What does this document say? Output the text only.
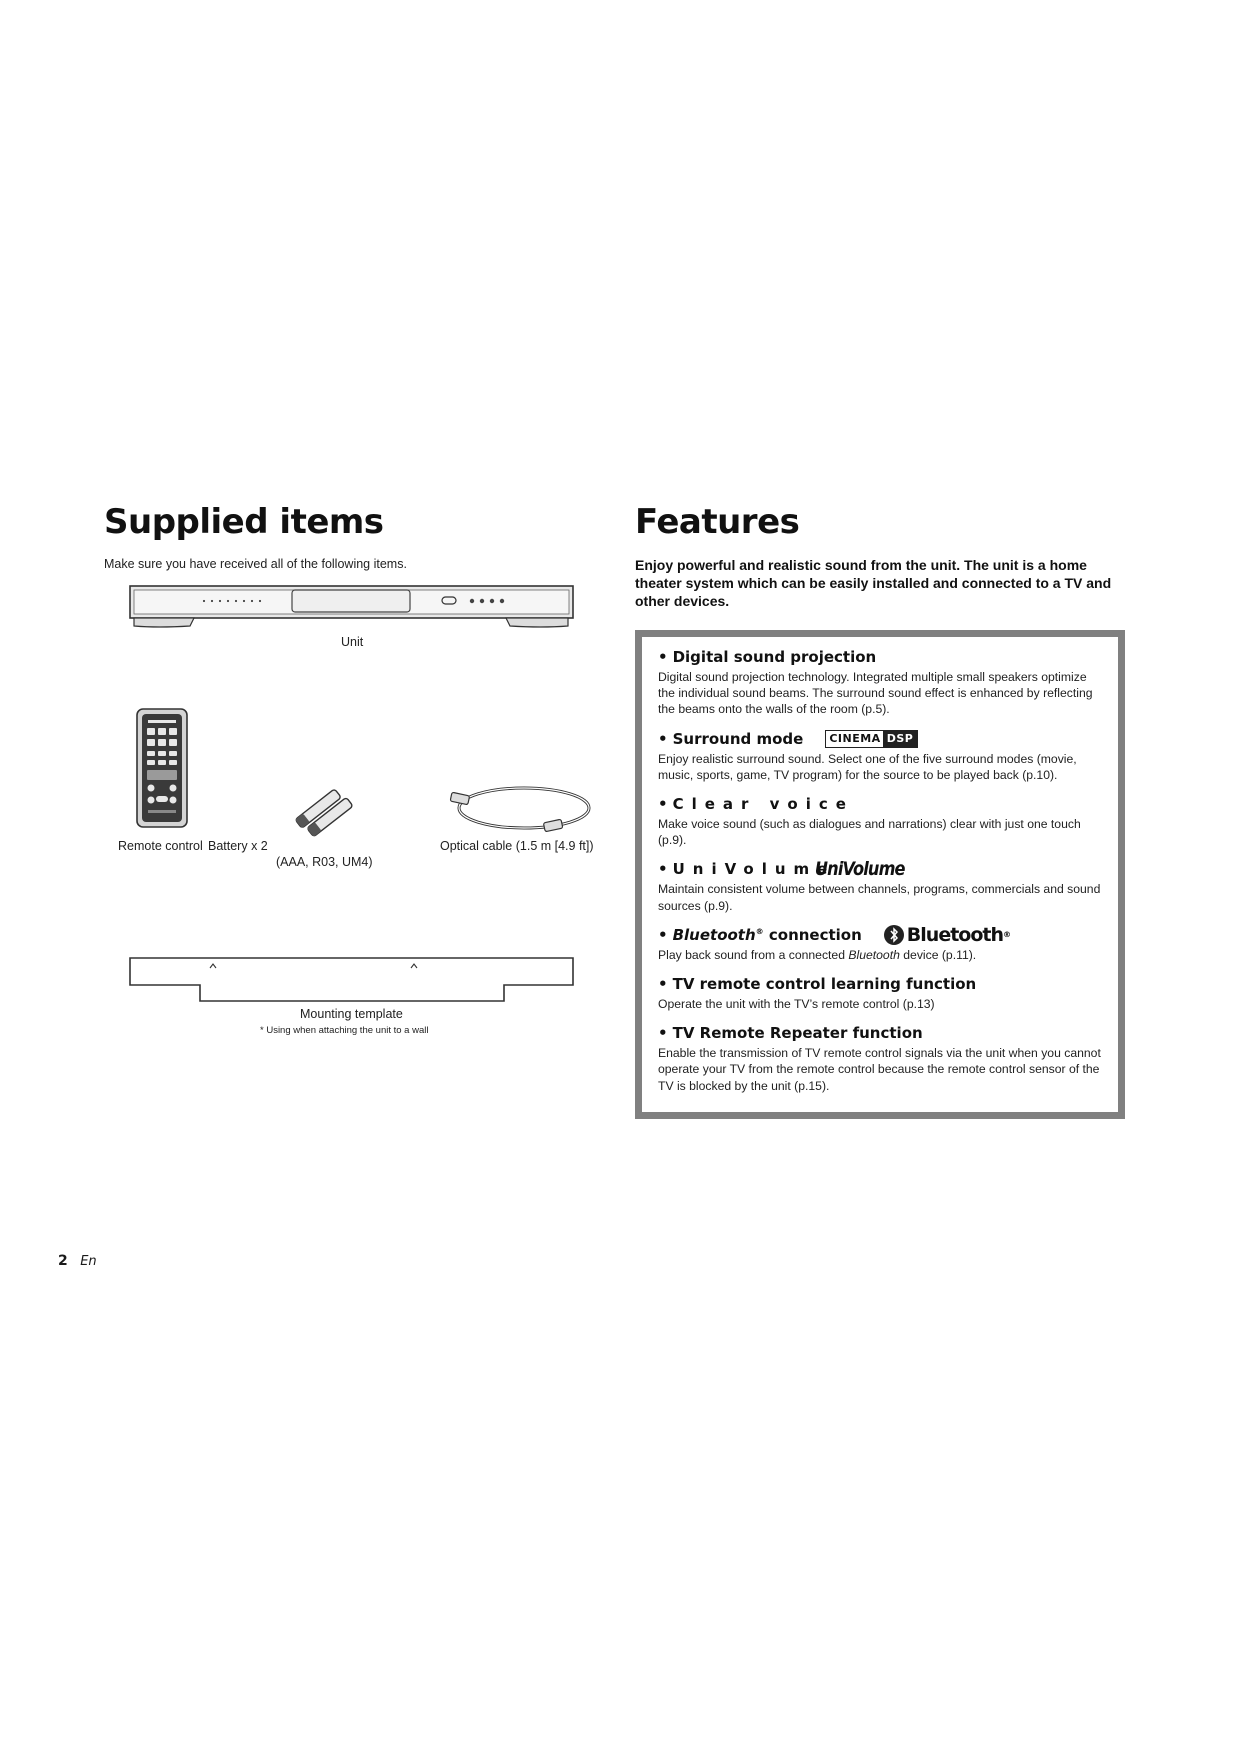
Supplied items
Make sure you have received all of the following items.
Unit
Remote control Battery x 2
(AAA, R03, UM4)
Optical cable (1.5 m [4.9 ft])
Mounting template
* Using when attaching the unit to a wall
Features
Enjoy powerful and realistic sound from the unit. The unit is a home theater system which can be easily installed and connected to a TV and other devices.
• Digital sound projection
Digital sound projection technology. Integrated multiple small speakers optimize the individual sound beams. The surround sound effect is enhanced by reflecting the beams onto the walls of the room (p.5).
• Surround mode CINEMA DSP
Enjoy realistic surround sound. Select one of the five surround modes (movie, music, sports, game, TV program) for the source to be played back (p.10).
• Clear voice
Make voice sound (such as dialogues and narrations) clear with just one touch (p.9).
• UniVolume
UniVolume
Maintain consistent volume between channels, programs, commercials and sound sources (p.9).
• Bluetooth® connection Bluetooth ®
Play back sound from a connected Bluetooth device (p.11).
• TV remote control learning function
Operate the unit with the TV’s remote control (p.13)
• TV Remote Repeater function
Enable the transmission of TV remote control signals via the unit when you cannot operate your TV from the remote control because the remote control sensor of the TV is blocked by the unit (p.15).
2 En
